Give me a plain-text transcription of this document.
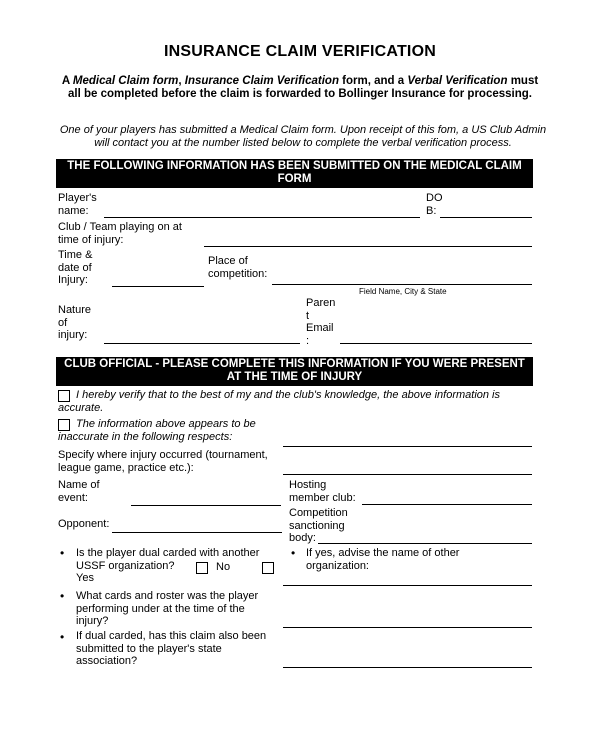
INSURANCE CLAIM VERIFICATION
A Medical Claim form, Insurance Claim Verification form, and a Verbal Verification must all be completed before the claim is forwarded to Bollinger Insurance for processing.
One of your players has submitted a Medical Claim form. Upon receipt of this fom, a US Club Admin will contact you at the number listed below to complete the verbal verification process.
THE FOLLOWING INFORMATION HAS BEEN SUBMITTED ON THE MEDICAL CLAIM FORM
Player's
name:
DO
B:
Club / Team playing on at
time of injury:
Time &
date of
Injury:
Place of
competition:
Field Name, City & State
Nature
of
injury:
Paren
t
Email
:
CLUB OFFICIAL - PLEASE COMPLETE THIS INFORMATION IF YOU WERE PRESENT AT THE TIME OF INJURY
I hereby verify that to the best of my and the club's knowledge, the above information is accurate.
The information above appears to be
inaccurate in the following respects:
Specify where injury occurred (tournament,
league game, practice etc.):
Name of
event:
Hosting
member club:
Opponent:
Competition
sanctioning
body:
• Is the player dual carded with another
USSF organization?
Yes
No
• If yes, advise the name of other
organization:
• What cards and roster was the player
performing under at the time of the
injury?
• If dual carded, has this claim also been
submitted to the player's state
association?
